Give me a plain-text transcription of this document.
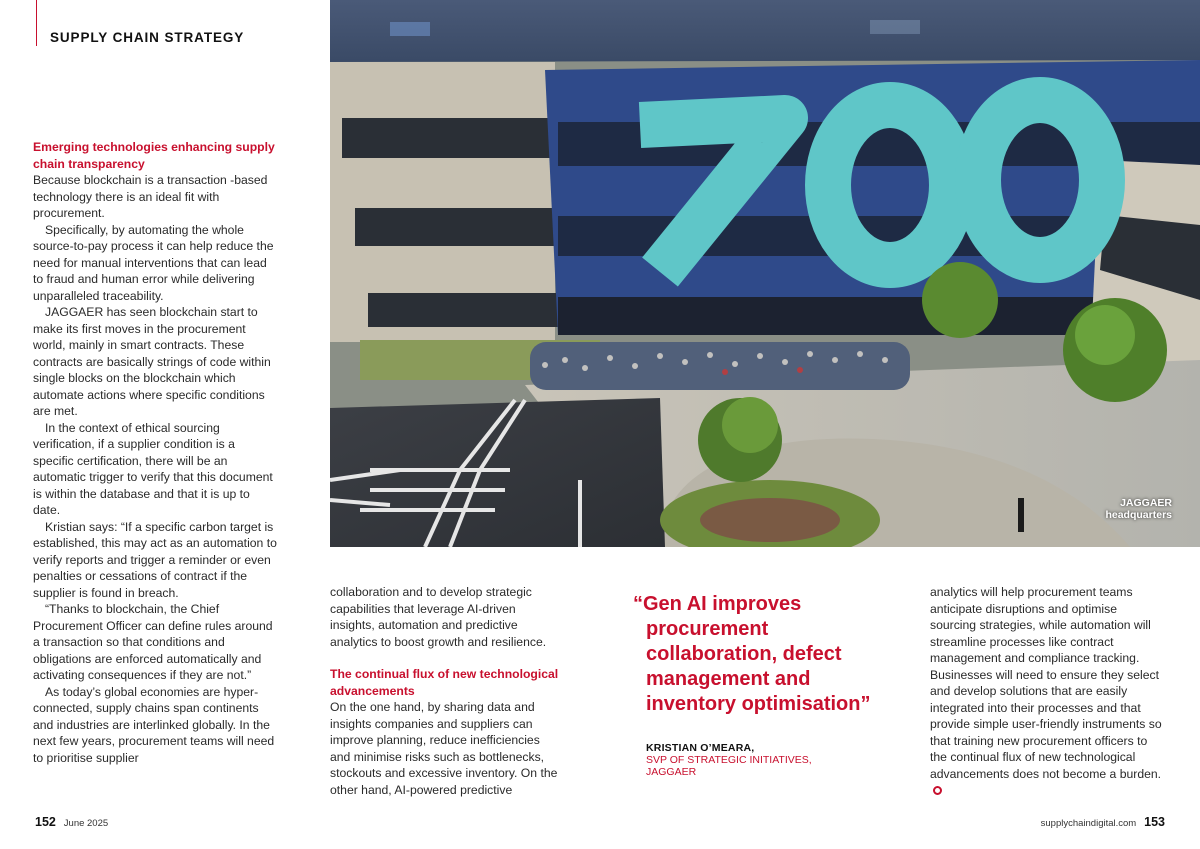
SUPPLY CHAIN STRATEGY
Emerging technologies enhancing supply chain transparency

Because blockchain is a transaction -based technology there is an ideal fit with procurement.

Specifically, by automating the whole source-to-pay process it can help reduce the need for manual interventions that can lead to fraud and human error while delivering unparalleled traceability.

JAGGAER has seen blockchain start to make its first moves in the procurement world, mainly in smart contracts. These contracts are basically strings of code within single blocks on the blockchain which automate actions where specific conditions are met.

In the context of ethical sourcing verification, if a supplier condition is a specific certification, there will be an automatic trigger to verify that this document is within the database and that it is up to date.

Kristian says: “If a specific carbon target is established, this may act as an automation to verify reports and trigger a reminder or even penalties or cessations of contract if the supplier is found in breach.

“Thanks to blockchain, the Chief Procurement Officer can define rules around a transaction so that conditions and obligations are enforced automatically and activating consequences if they are not.”

As today’s global economies are hyper-connected, supply chains span continents and industries are interlinked globally. In the next few years, procurement teams will need to prioritise supplier

JAGGAER
headquarters

collaboration and to develop strategic capabilities that leverage AI-driven insights, automation and predictive analytics to boost growth and resilience.

The continual flux of new technological advancements

On the one hand, by sharing data and insights companies and suppliers can improve planning, reduce inefficiencies and minimise risks such as bottlenecks, stockouts and excessive inventory. On the other hand, AI-powered predictive

“Gen AI improves procurement collaboration, defect management and inventory optimisation”
KRISTIAN O’MEARA,
SVP OF STRATEGIC INITIATIVES,
JAGGAER

analytics will help procurement teams anticipate disruptions and optimise sourcing strategies, while automation will streamline processes like contract management and compliance tracking. Businesses will need to ensure they select and develop solutions that are easily integrated into their processes and that provide simple user-friendly instruments so that training new procurement officers to the continual flux of new technological advancements does not become a burden.

152 June 2025	supplychaindigital.com 153
